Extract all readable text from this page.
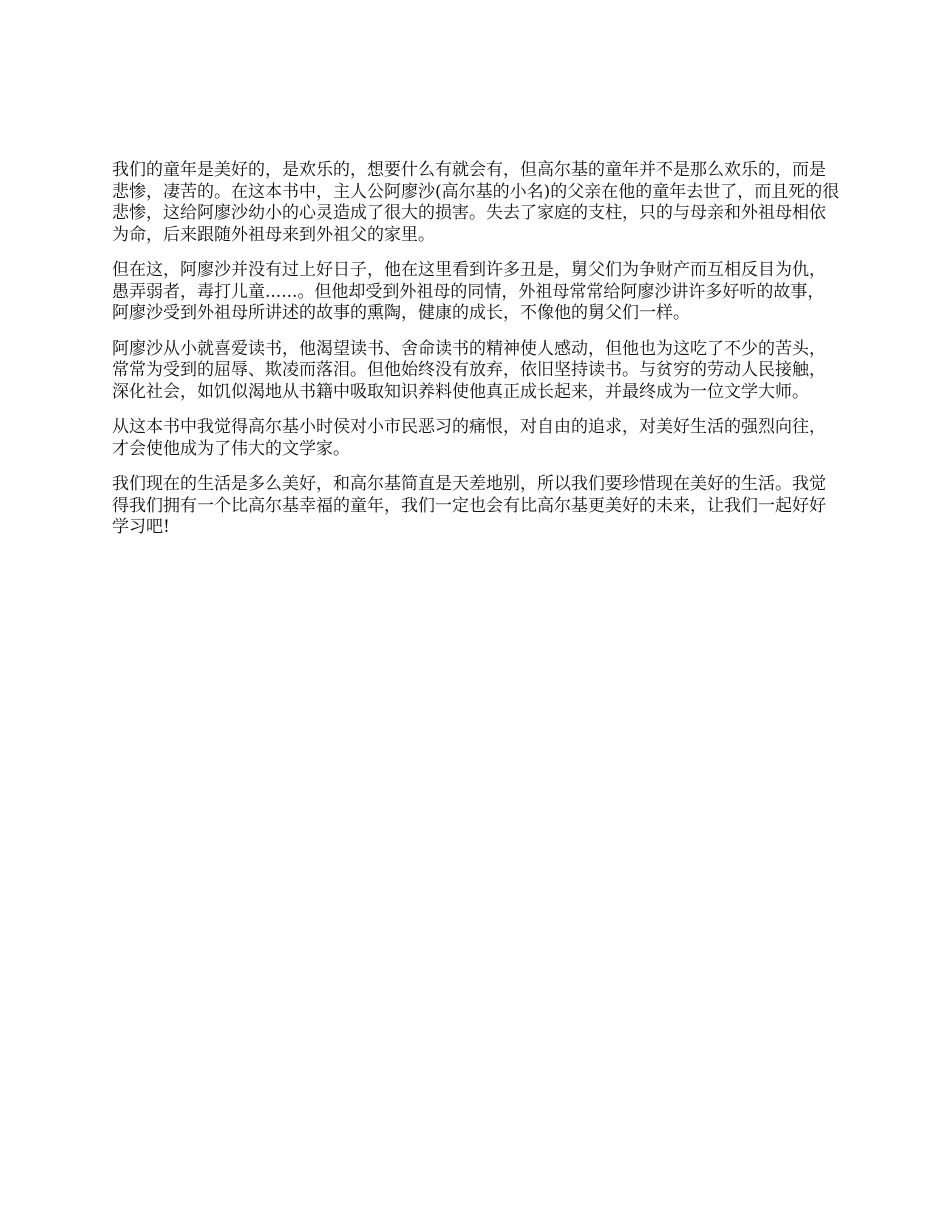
我们的童年是美好的，是欢乐的，想要什么有就会有，但高尔基的童年并不是那么欢乐的，而是悲惨，凄苦的。在这本书中，主人公阿廖沙(高尔基的小名)的父亲在他的童年去世了，而且死的很悲惨，这给阿廖沙幼小的心灵造成了很大的损害。失去了家庭的支柱，只的与母亲和外祖母相依为命，后来跟随外祖母来到外祖父的家里。

但在这，阿廖沙并没有过上好日子，他在这里看到许多丑是，舅父们为争财产而互相反目为仇，愚弄弱者，毒打儿童......。但他却受到外祖母的同情，外祖母常常给阿廖沙讲许多好听的故事，阿廖沙受到外祖母所讲述的故事的熏陶，健康的成长，不像他的舅父们一样。

阿廖沙从小就喜爱读书，他渴望读书、舍命读书的精神使人感动，但他也为这吃了不少的苦头，常常为受到的屈辱、欺凌而落泪。但他始终没有放弃，依旧坚持读书。与贫穷的劳动人民接触，深化社会，如饥似渴地从书籍中吸取知识养料使他真正成长起来，并最终成为一位文学大师。

从这本书中我觉得高尔基小时侯对小市民恶习的痛恨，对自由的追求，对美好生活的强烈向往，才会使他成为了伟大的文学家。

我们现在的生活是多么美好，和高尔基简直是天差地别，所以我们要珍惜现在美好的生活。我觉得我们拥有一个比高尔基幸福的童年，我们一定也会有比高尔基更美好的未来，让我们一起好好学习吧!
